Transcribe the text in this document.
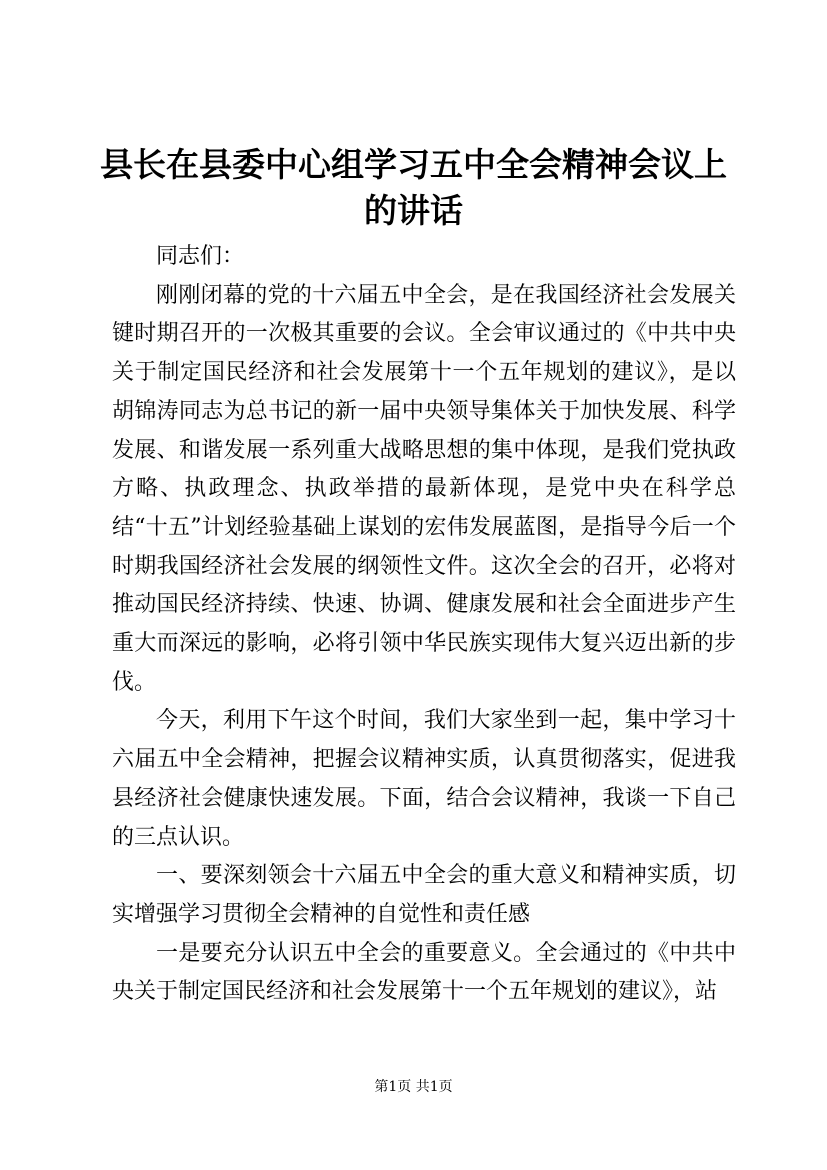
县长在县委中心组学习五中全会精神会议上的讲话

同志们：

刚刚闭幕的党的十六届五中全会，是在我国经济社会发展关键时期召开的一次极其重要的会议。全会审议通过的《中共中央关于制定国民经济和社会发展第十一个五年规划的建议》，是以胡锦涛同志为总书记的新一届中央领导集体关于加快发展、科学发展、和谐发展一系列重大战略思想的集中体现，是我们党执政方略、执政理念、执政举措的最新体现，是党中央在科学总结“十五”计划经验基础上谋划的宏伟发展蓝图，是指导今后一个时期我国经济社会发展的纲领性文件。这次全会的召开，必将对推动国民经济持续、快速、协调、健康发展和社会全面进步产生重大而深远的影响，必将引领中华民族实现伟大复兴迈出新的步伐。

今天，利用下午这个时间，我们大家坐到一起，集中学习十六届五中全会精神，把握会议精神实质，认真贯彻落实，促进我县经济社会健康快速发展。下面，结合会议精神，我谈一下自己的三点认识。

一、要深刻领会十六届五中全会的重大意义和精神实质，切实增强学习贯彻全会精神的自觉性和责任感

一是要充分认识五中全会的重要意义。全会通过的《中共中央关于制定国民经济和社会发展第十一个五年规划的建议》，站

第1页 共1页
